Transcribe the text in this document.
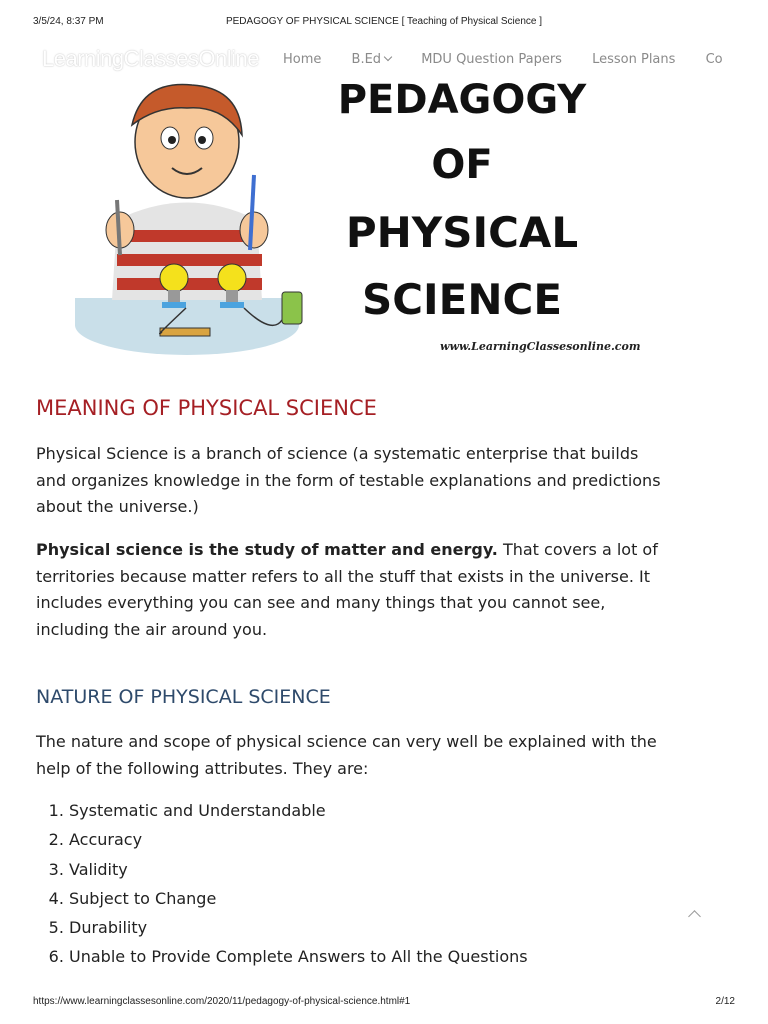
3/5/24, 8:37 PM	PEDAGOGY OF PHYSICAL SCIENCE [ Teaching of Physical Science ]
LearningClassesOnline Home B.Ed	MDU Question Papers Lesson Plans Co
PEDAGOGY
OF
PHYSICAL
SCIENCE
www.LearningClassesonline.com
MEANING OF PHYSICAL SCIENCE

Physical Science is a branch of science (a systematic enterprise that builds and organizes knowledge in the form of testable explanations and predictions about the universe.)

Physical science is the study of matter and energy. That covers a lot of territories because matter refers to all the stuff that exists in the universe. It includes everything you can see and many things that you cannot see, including the air around you.

NATURE OF PHYSICAL SCIENCE

The nature and scope of physical science can very well be explained with the help of the following attributes. They are:

1. Systematic and Understandable
2. Accuracy
3. Validity
4. Subject to Change
5. Durability
6. Unable to Provide Complete Answers to All the Questions
https://www.learningclassesonline.com/2020/11/pedagogy-of-physical-science.html#1	2/12
